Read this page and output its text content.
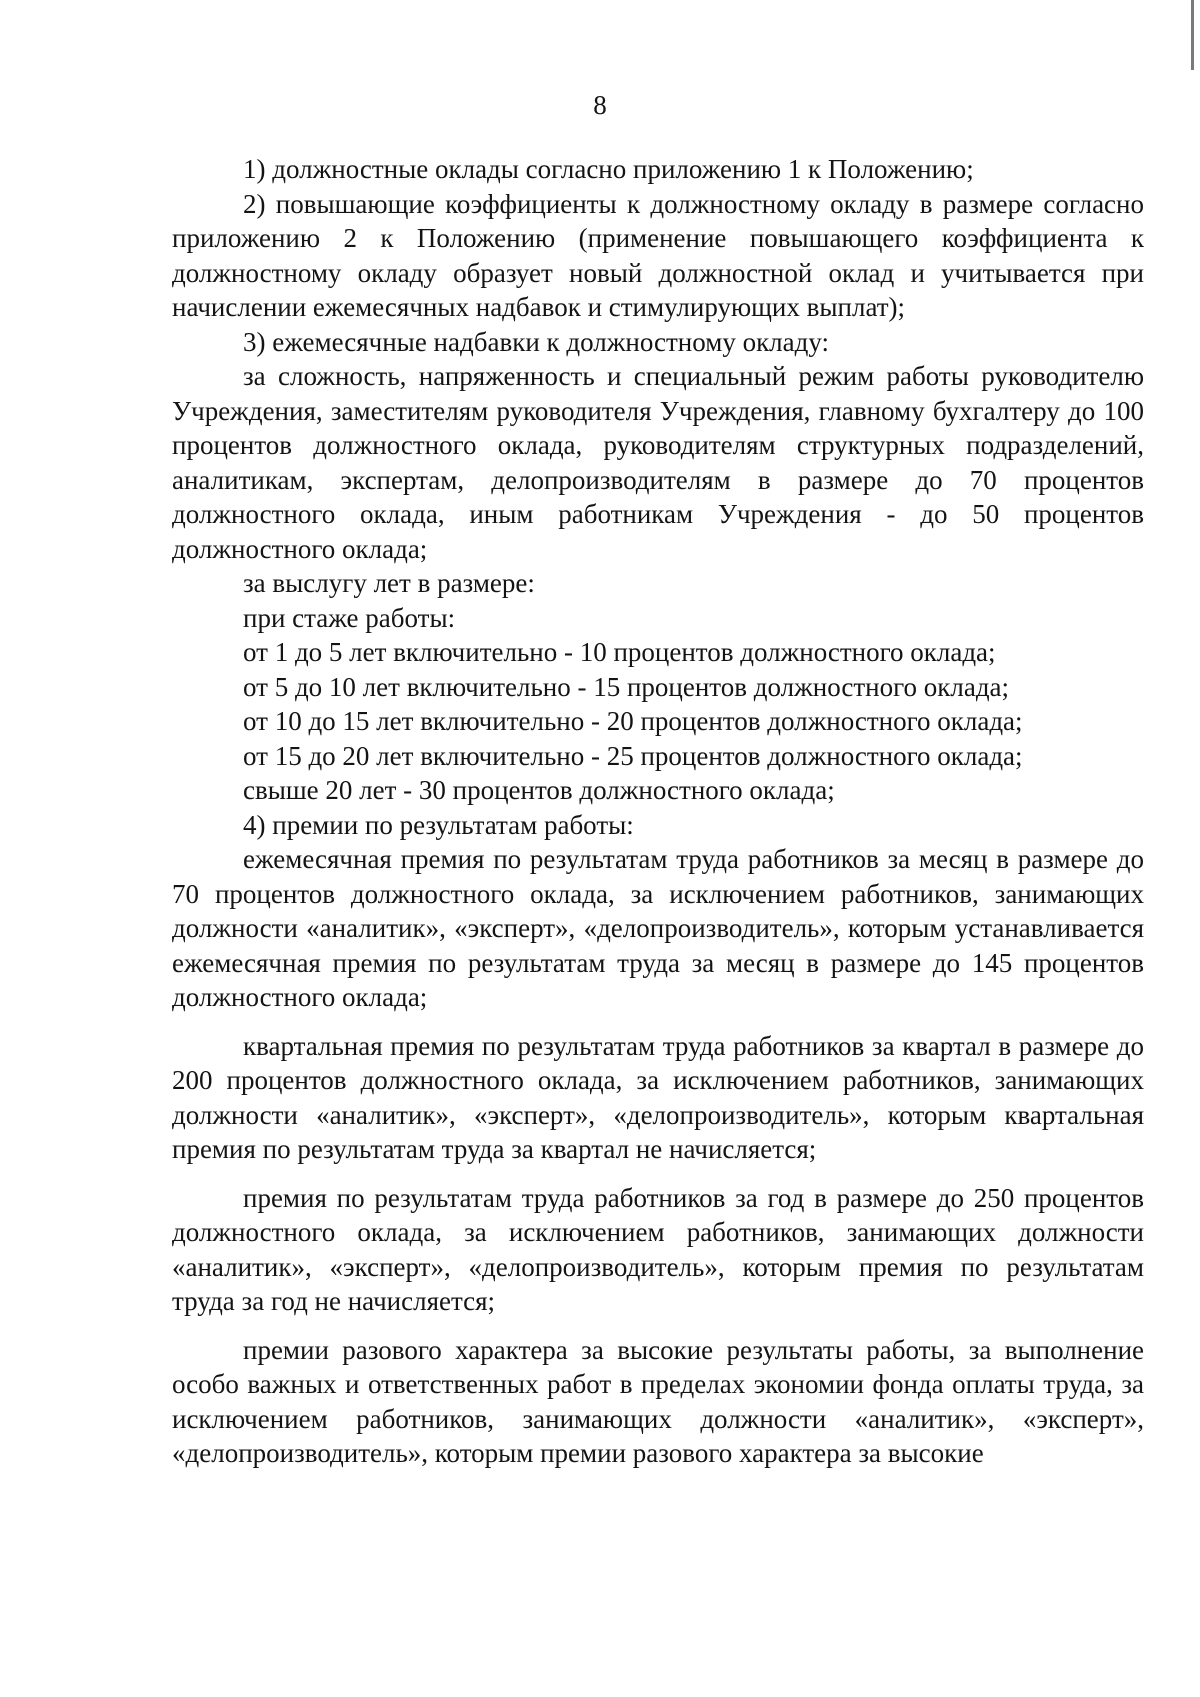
8

1) должностные оклады согласно приложению 1 к Положению;

2) повышающие коэффициенты к должностному окладу в размере согласно приложению 2 к Положению (применение повышающего коэффициента к должностному окладу образует новый должностной оклад и учитывается при начислении ежемесячных надбавок и стимулирующих выплат);

3) ежемесячные надбавки к должностному окладу:

за сложность, напряженность и специальный режим работы руководителю Учреждения, заместителям руководителя Учреждения, главному бухгалтеру до 100 процентов должностного оклада, руководителям структурных подразделений, аналитикам, экспертам, делопроизводителям в размере до 70 процентов должностного оклада, иным работникам Учреждения - до 50 процентов должностного оклада;

за выслугу лет в размере:

при стаже работы:

от 1 до 5 лет включительно - 10 процентов должностного оклада;

от 5 до 10 лет включительно - 15 процентов должностного оклада;

от 10 до 15 лет включительно - 20 процентов должностного оклада;

от 15 до 20 лет включительно - 25 процентов должностного оклада;

свыше 20 лет - 30 процентов должностного оклада;

4) премии по результатам работы:

ежемесячная премия по результатам труда работников за месяц в размере до 70 процентов должностного оклада, за исключением работников, занимающих должности «аналитик», «эксперт», «делопроизводитель», которым устанавливается ежемесячная премия по результатам труда за месяц в размере до 145 процентов должностного оклада;

квартальная премия по результатам труда работников за квартал в размере до 200 процентов должностного оклада, за исключением работников, занимающих должности «аналитик», «эксперт», «делопроизводитель», которым квартальная премия по результатам труда за квартал не начисляется;

премия по результатам труда работников за год в размере до 250 процентов должностного оклада, за исключением работников, занимающих должности «аналитик», «эксперт», «делопроизводитель», которым премия по результатам труда за год не начисляется;

премии разового характера за высокие результаты работы, за выполнение особо важных и ответственных работ в пределах экономии фонда оплаты труда, за исключением работников, занимающих должности «аналитик», «эксперт», «делопроизводитель», которым премии разового характера за высокие
